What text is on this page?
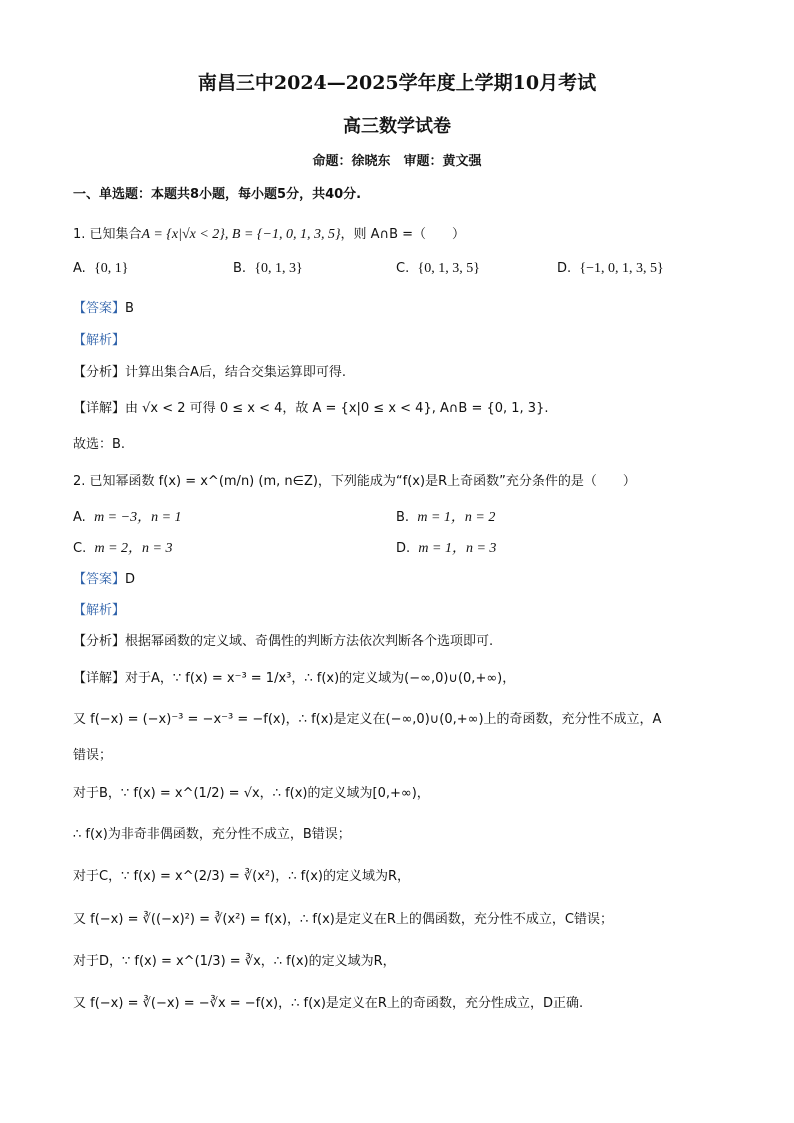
南昌三中2024—2025学年度上学期10月考试
高三数学试卷
命题：徐晓东　审题：黄文强
一、单选题：本题共8小题，每小题5分，共40分.
1. 已知集合A = {x|√x < 2}, B = {−1, 0, 1, 3, 5}，则 A∩B =（　　）
A. {0, 1}	B. {0, 1, 3}	C. {0, 1, 3, 5}	D. {−1, 0, 1, 3, 5}
【答案】B
【解析】
【分析】计算出集合A后，结合交集运算即可得.
【详解】由 √x < 2 可得 0 ≤ x < 4，故 A = {x|0 ≤ x < 4}, A∩B = {0, 1, 3}.
故选：B.
2. 已知幂函数 f(x) = x^(m/n) (m, n∈Z)，下列能成为“f(x)是R上奇函数”充分条件的是（　　）
A. m = −3，n = 1	B. m = 1，n = 2
C. m = 2，n = 3	D. m = 1，n = 3
【答案】D
【解析】
【分析】根据幂函数的定义域、奇偶性的判断方法依次判断各个选项即可.
【详解】对于A，∵ f(x) = x⁻³ = 1/x³，∴ f(x)的定义域为(−∞,0)∪(0,+∞)，
又 f(−x) = (−x)⁻³ = −x⁻³ = −f(x)，∴ f(x)是定义在(−∞,0)∪(0,+∞)上的奇函数，充分性不成立，A
错误；
对于B，∵ f(x) = x^(1/2) = √x，∴ f(x)的定义域为[0,+∞)，
∴ f(x)为非奇非偶函数，充分性不成立，B错误；
对于C，∵ f(x) = x^(2/3) = ∛(x²)，∴ f(x)的定义域为R，
又 f(−x) = ∛((−x)²) = ∛(x²) = f(x)，∴ f(x)是定义在R上的偶函数，充分性不成立，C错误；
对于D，∵ f(x) = x^(1/3) = ∛x，∴ f(x)的定义域为R，
又 f(−x) = ∛(−x) = −∛x = −f(x)，∴ f(x)是定义在R上的奇函数，充分性成立，D正确.
